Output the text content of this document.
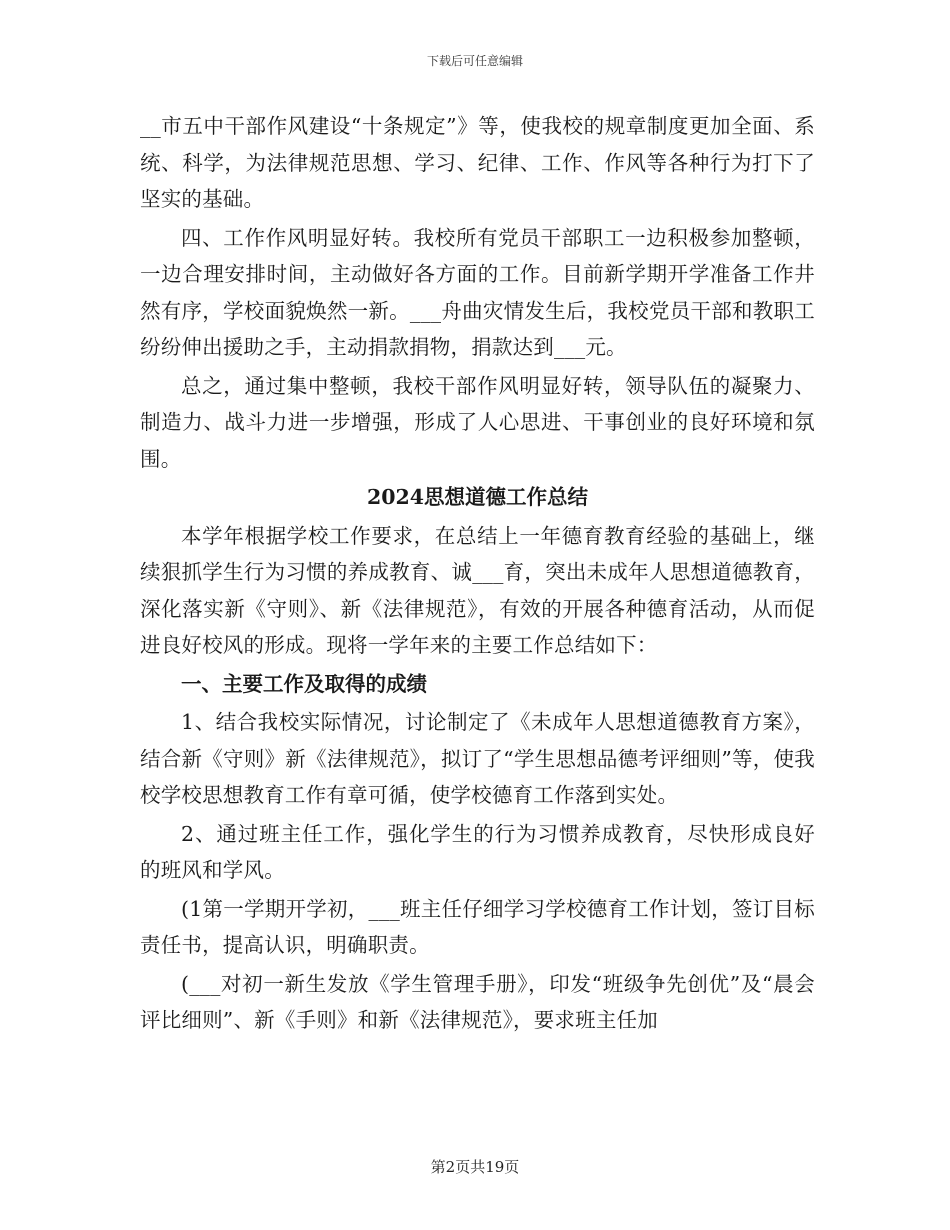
下载后可任意编辑

__市五中干部作风建设“十条规定”》等，使我校的规章制度更加全面、系统、科学，为法律规范思想、学习、纪律、工作、作风等各种行为打下了坚实的基础。

四、工作作风明显好转。我校所有党员干部职工一边积极参加整顿，一边合理安排时间，主动做好各方面的工作。目前新学期开学准备工作井然有序，学校面貌焕然一新。___舟曲灾情发生后，我校党员干部和教职工纷纷伸出援助之手，主动捐款捐物，捐款达到___元。

总之，通过集中整顿，我校干部作风明显好转，领导队伍的凝聚力、制造力、战斗力进一步增强，形成了人心思进、干事创业的良好环境和氛围。

2024思想道德工作总结

本学年根据学校工作要求，在总结上一年德育教育经验的基础上，继续狠抓学生行为习惯的养成教育、诚___育，突出未成年人思想道德教育，深化落实新《守则》、新《法律规范》，有效的开展各种德育活动，从而促进良好校风的形成。现将一学年来的主要工作总结如下：

一、主要工作及取得的成绩

1、结合我校实际情况，讨论制定了《未成年人思想道德教育方案》，结合新《守则》新《法律规范》，拟订了“学生思想品德考评细则”等，使我校学校思想教育工作有章可循，使学校德育工作落到实处。

2、通过班主任工作，强化学生的行为习惯养成教育，尽快形成良好的班风和学风。

(1第一学期开学初，___班主任仔细学习学校德育工作计划，签订目标责任书，提高认识，明确职责。

(___对初一新生发放《学生管理手册》，印发“班级争先创优”及“晨会评比细则”、新《手则》和新《法律规范》，要求班主任加

第2页共19页
